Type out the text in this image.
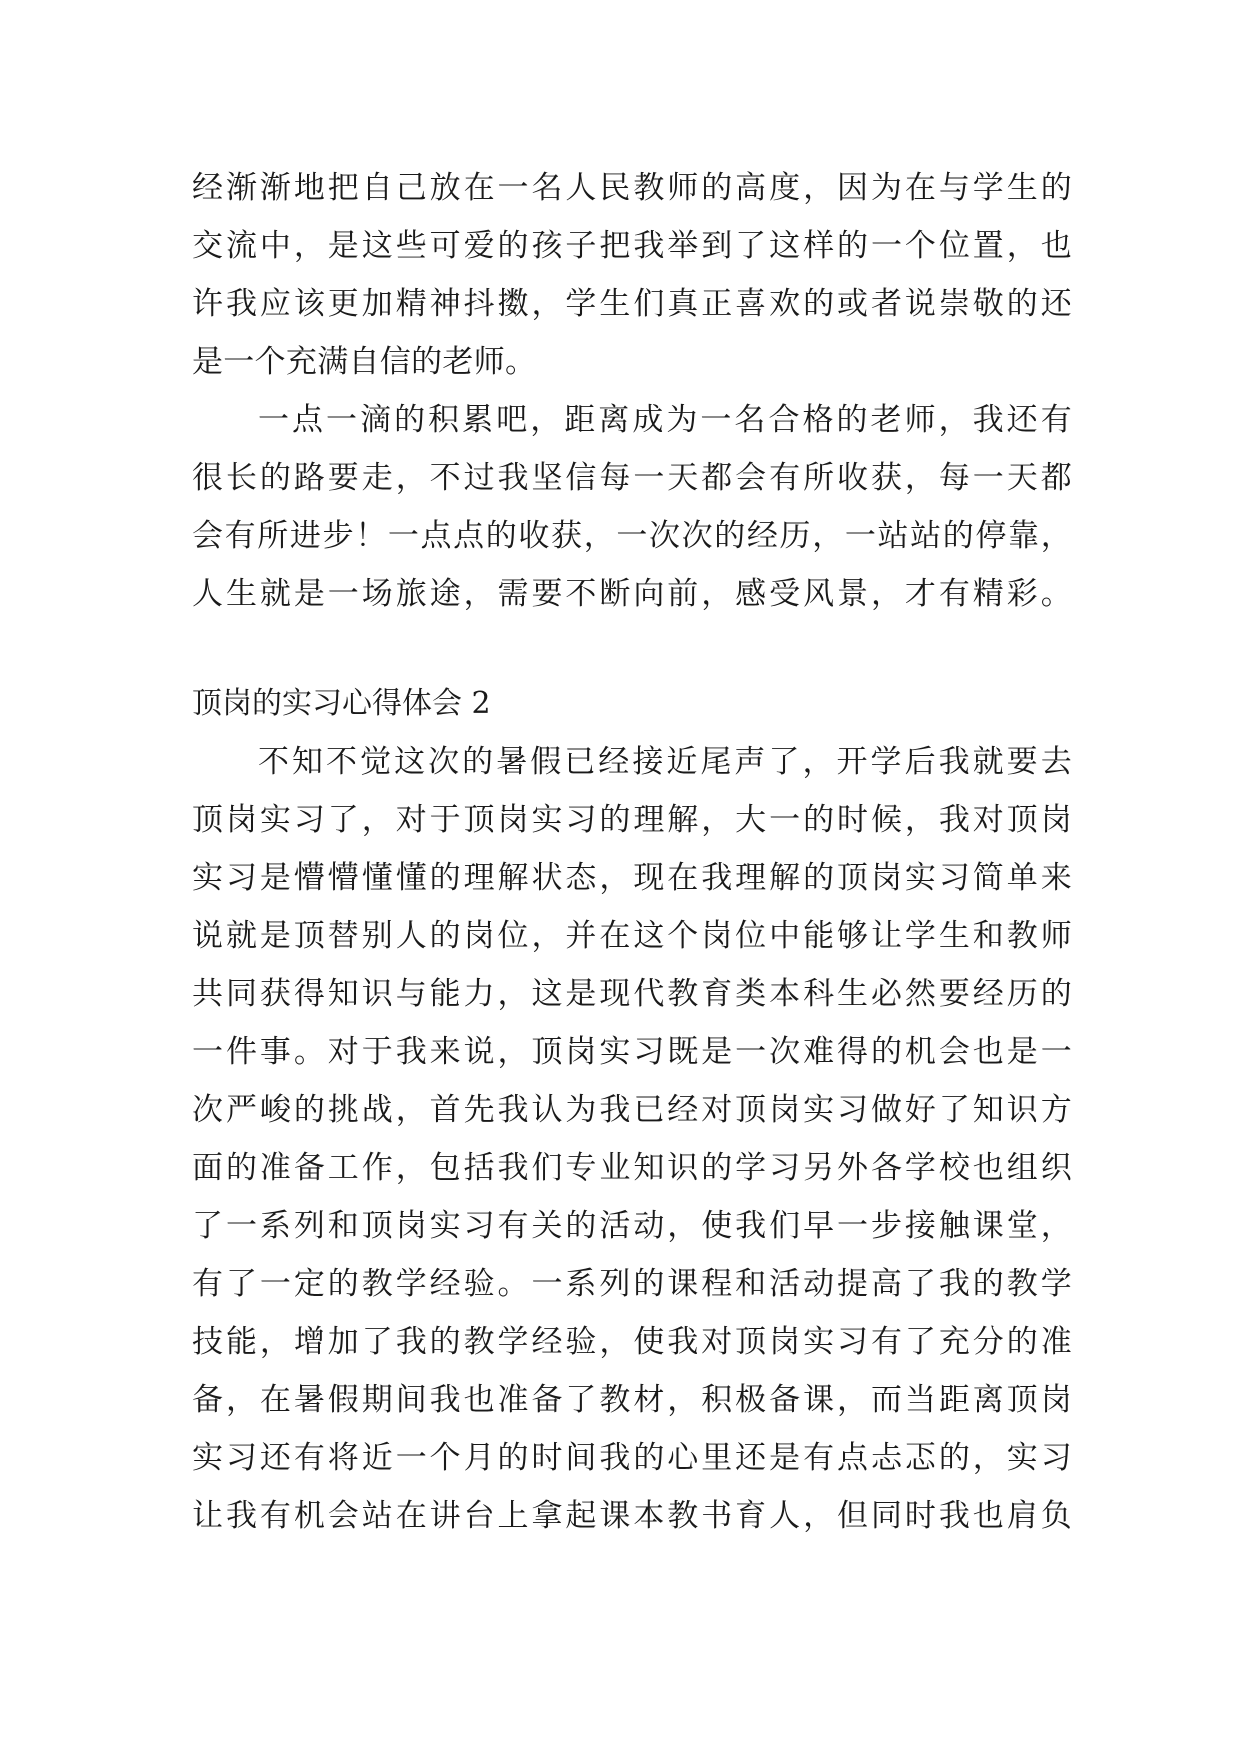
经渐渐地把自己放在一名人民教师的高度，因为在与学生的
交流中，是这些可爱的孩子把我举到了这样的一个位置，也
许我应该更加精神抖擞，学生们真正喜欢的或者说崇敬的还
是一个充满自信的老师。
一点一滴的积累吧，距离成为一名合格的老师，我还有
很长的路要走，不过我坚信每一天都会有所收获，每一天都
会有所进步！一点点的收获，一次次的经历，一站站的停靠，
人生就是一场旅途，需要不断向前，感受风景，才有精彩。
顶岗的实习心得体会 2
不知不觉这次的暑假已经接近尾声了，开学后我就要去
顶岗实习了，对于顶岗实习的理解，大一的时候，我对顶岗
实习是懵懵懂懂的理解状态，现在我理解的顶岗实习简单来
说就是顶替别人的岗位，并在这个岗位中能够让学生和教师
共同获得知识与能力，这是现代教育类本科生必然要经历的
一件事。对于我来说，顶岗实习既是一次难得的机会也是一
次严峻的挑战，首先我认为我已经对顶岗实习做好了知识方
面的准备工作，包括我们专业知识的学习另外各学校也组织
了一系列和顶岗实习有关的活动，使我们早一步接触课堂，
有了一定的教学经验。一系列的课程和活动提高了我的教学
技能，增加了我的教学经验，使我对顶岗实习有了充分的准
备，在暑假期间我也准备了教材，积极备课，而当距离顶岗
实习还有将近一个月的时间我的心里还是有点忐忑的，实习
让我有机会站在讲台上拿起课本教书育人，但同时我也肩负
